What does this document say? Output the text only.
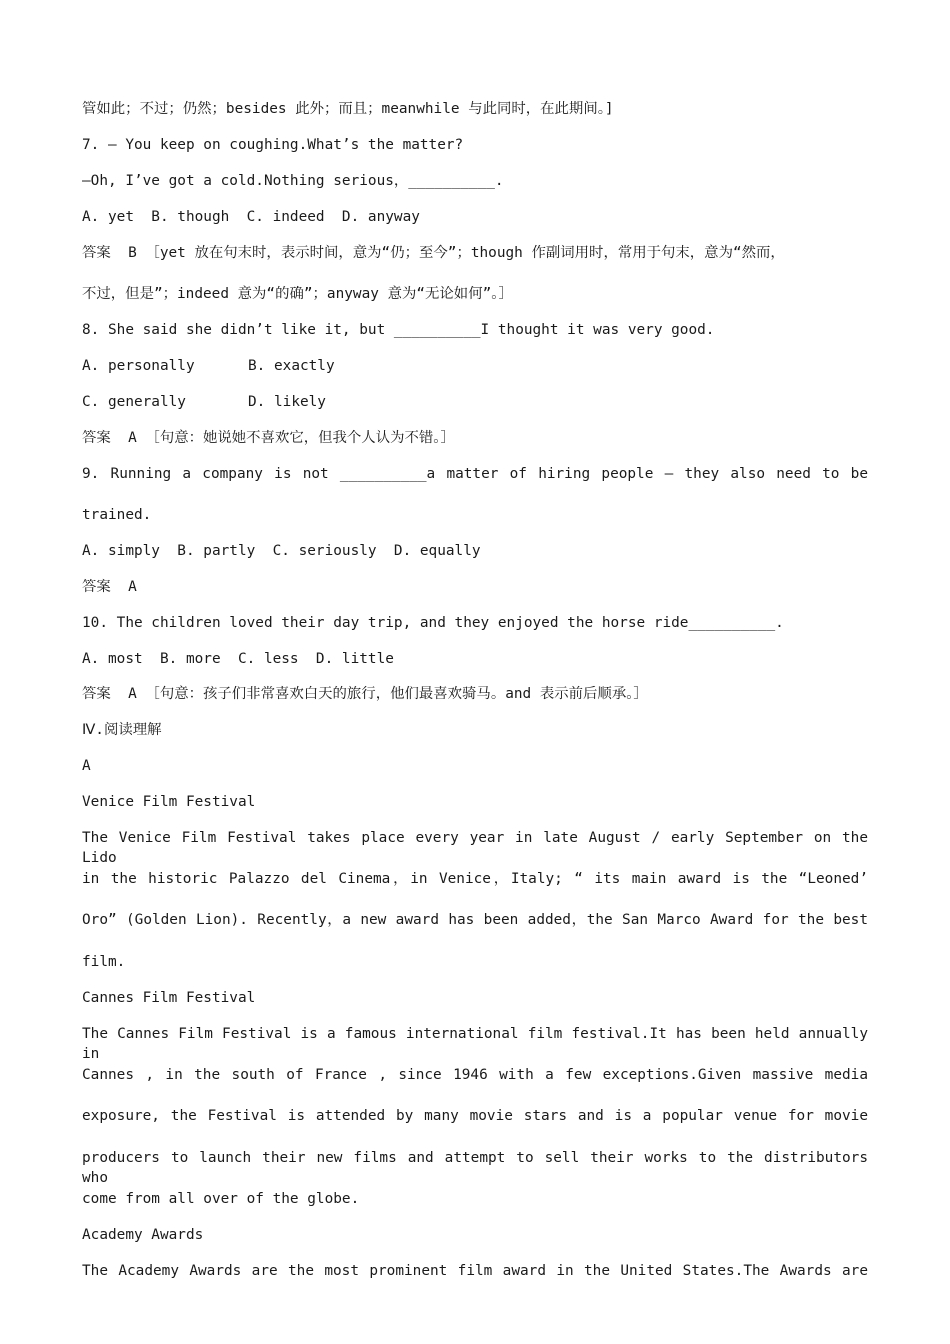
管如此；不过；仍然；besides 此外；而且；meanwhile 与此同时，在此期间。]
7. — You keep on coughing.What’s the matter?
—Oh, I’ve got a cold.Nothing serious，__________.
A. yet  B. though  C. indeed  D. anyway
答案  B ［yet 放在句末时，表示时间，意为“仍；至今”；though 作副词用时，常用于句末，意为“然而，
不过，但是”；indeed 意为“的确”；anyway 意为“无论如何”。］
8. She said she didn’t like it, but __________I thought it was very good.
A. personally	B. exactly
C. generally	D. likely
答案  A ［句意：她说她不喜欢它，但我个人认为不错。］
9. Running a company is not __________a matter of hiring people — they also need to be
trained.
A. simply  B. partly  C. seriously  D. equally
答案  A
10. The children loved their day trip, and they enjoyed the horse ride__________.
A. most  B. more  C. less  D. little
答案  A ［句意：孩子们非常喜欢白天的旅行，他们最喜欢骑马。and 表示前后顺承。］
Ⅳ.阅读理解
A
Venice Film Festival
The Venice Film Festival takes place every year in late August / early September on the Lido
in the historic Palazzo del Cinema，in Venice，Italy; “ its main award is the “Leoned’
Oro” (Golden Lion). Recently，a new award has been added，the San Marco Award for the best
film.
Cannes Film Festival
The Cannes Film Festival is a famous international film festival.It has been held annually in
Cannes , in the south of France , since 1946 with a few exceptions.Given massive media
exposure, the Festival is attended by many movie stars and is a popular venue for movie
producers to launch their new films and attempt to sell their works to the distributors who
come from all over of the globe.
Academy Awards
The Academy Awards are the most prominent film award in the United States.The Awards are
